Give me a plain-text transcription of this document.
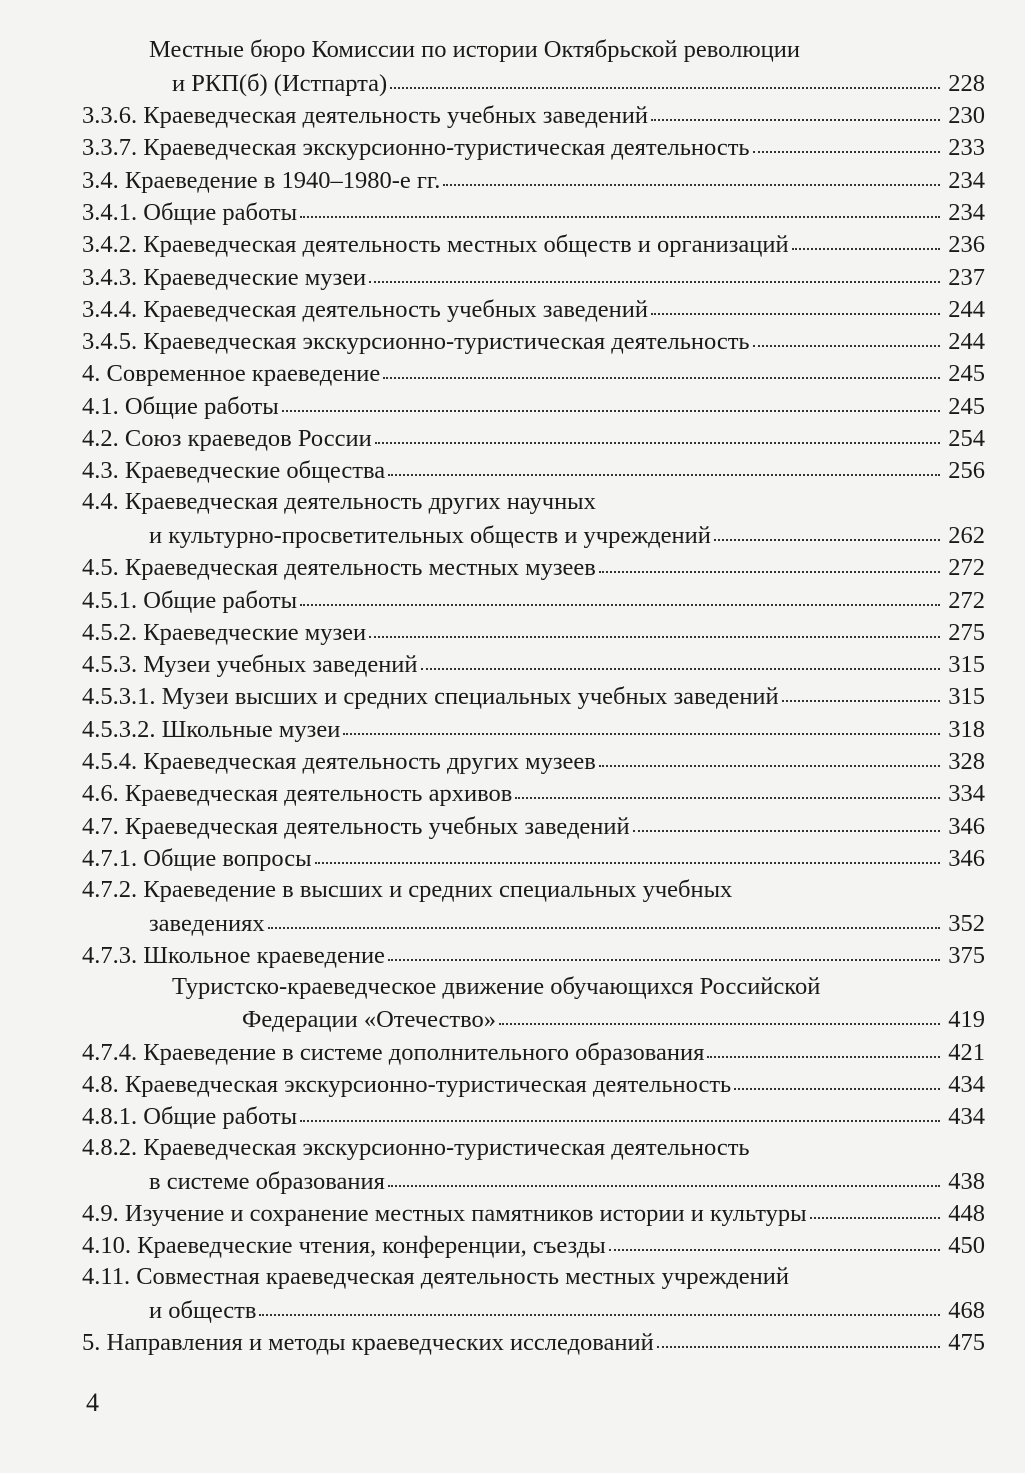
Местные бюро Комиссии по истории Октябрьской революции
и РКП(б) (Истпарта)	228
3.3.6. Краеведческая деятельность учебных заведений	230
3.3.7. Краеведческая экскурсионно-туристическая деятельность	233
3.4. Краеведение в 1940–1980-е гг.	234
3.4.1. Общие работы	234
3.4.2. Краеведческая деятельность местных обществ и организаций	236
3.4.3. Краеведческие музеи	237
3.4.4. Краеведческая деятельность учебных заведений	244
3.4.5. Краеведческая экскурсионно-туристическая деятельность	244
4. Современное краеведение	245
4.1. Общие работы	245
4.2. Союз краеведов России	254
4.3. Краеведческие общества	256
4.4. Краеведческая деятельность других научных
и культурно-просветительных обществ и учреждений	262
4.5. Краеведческая деятельность местных музеев	272
4.5.1. Общие работы	272
4.5.2. Краеведческие музеи	275
4.5.3. Музеи учебных заведений	315
4.5.3.1. Музеи высших и средних специальных учебных заведений	315
4.5.3.2. Школьные музеи	318
4.5.4. Краеведческая деятельность других музеев	328
4.6. Краеведческая деятельность архивов	334
4.7. Краеведческая деятельность учебных заведений	346
4.7.1. Общие вопросы	346
4.7.2. Краеведение в высших и средних специальных учебных
заведениях	352
4.7.3. Школьное краеведение	375
Туристско-краеведческое движение обучающихся Российской
Федерации «Отечество»	419
4.7.4. Краеведение в системе дополнительного образования	421
4.8. Краеведческая экскурсионно-туристическая деятельность	434
4.8.1. Общие работы	434
4.8.2. Краеведческая экскурсионно-туристическая деятельность
в системе образования	438
4.9. Изучение и сохранение местных памятников истории и культуры	448
4.10. Краеведческие чтения, конференции, съезды	450
4.11. Совместная краеведческая деятельность местных учреждений
и обществ	468
5. Направления и методы краеведческих исследований	475
4
